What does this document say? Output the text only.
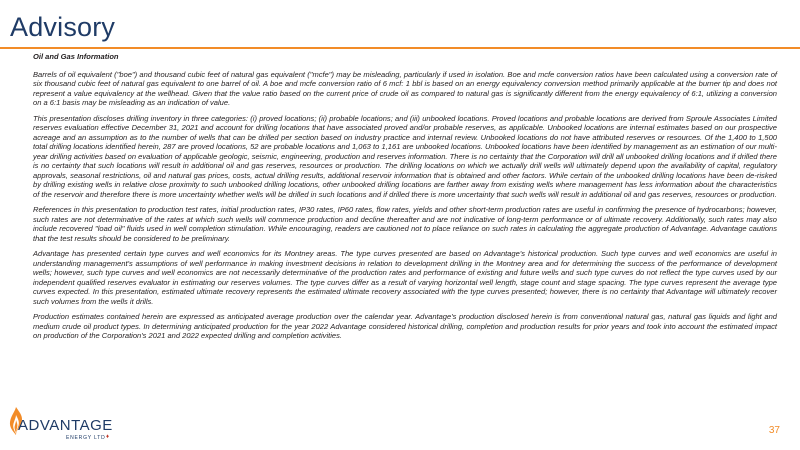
Advisory
Oil and Gas Information

Barrels of oil equivalent ("boe") and thousand cubic feet of natural gas equivalent ("mcfe") may be misleading, particularly if used in isolation. Boe and mcfe conversion ratios have been calculated using a conversion rate of six thousand cubic feet of natural gas equivalent to one barrel of oil. A boe and mcfe conversion ratio of 6 mcf: 1 bbl is based on an energy equivalency conversion method primarily applicable at the burner tip and does not represent a value equivalency at the wellhead. Given that the value ratio based on the current price of crude oil as compared to natural gas is significantly different from the energy equivalency of 6:1, utilizing a conversion on a 6:1 basis may be misleading as an indication of value.

This presentation discloses drilling inventory in three categories: (i) proved locations; (ii) probable locations; and (iii) unbooked locations. Proved locations and probable locations are derived from Sproule Associates Limited reserves evaluation effective December 31, 2021 and account for drilling locations that have associated proved and/or probable reserves, as applicable. Unbooked locations are internal estimates based on our prospective acreage and an assumption as to the number of wells that can be drilled per section based on industry practice and internal review. Unbooked locations do not have attributed reserves or resources. Of the 1,400 to 1,500 total drilling locations identified herein, 287 are proved locations, 52 are probable locations and 1,063 to 1,161 are unbooked locations. Unbooked locations have been identified by management as an estimation of our multi-year drilling activities based on evaluation of applicable geologic, seismic, engineering, production and reserves information. There is no certainty that the Corporation will drill all unbooked drilling locations and if drilled there is no certainty that such locations will result in additional oil and gas reserves, resources or production. The drilling locations on which we actually drill wells will ultimately depend upon the availability of capital, regulatory approvals, seasonal restrictions, oil and natural gas prices, costs, actual drilling results, additional reservoir information that is obtained and other factors. While certain of the unbooked drilling locations have been de-risked by drilling existing wells in relative close proximity to such unbooked drilling locations, other unbooked drilling locations are farther away from existing wells where management has less information about the characteristics of the reservoir and therefore there is more uncertainty whether wells will be drilled in such locations and if drilled there is more uncertainty that such wells will result in additional oil and gas reserves, resources or production.

References in this presentation to production test rates, initial production rates, IP30 rates, IP60 rates, flow rates, yields and other short-term production rates are useful in confirming the presence of hydrocarbons; however, such rates are not determinative of the rates at which such wells will commence production and decline thereafter and are not indicative of long-term performance or of ultimate recovery. Additionally, such rates may also include recovered "load oil" fluids used in well completion stimulation. While encouraging, readers are cautioned not to place reliance on such rates in calculating the aggregate production of Advantage. Advantage cautions that the test results should be considered to be preliminary.

Advantage has presented certain type curves and well economics for its Montney areas. The type curves presented are based on Advantage's historical production. Such type curves and well economics are useful in understanding management's assumptions of well performance in making investment decisions in relation to development drilling in the Montney area and for determining the success of the performance of development wells; however, such type curves and well economics are not necessarily determinative of the production rates and performance of existing and future wells and such type curves do not reflect the type curves used by our independent qualified reserves evaluator in estimating our reserves volumes. The type curves differ as a result of varying horizontal well length, stage count and stage spacing. The type curves represent the average type curves expected. In this presentation, estimated ultimate recovery represents the estimated ultimate recovery associated with the type curves presented; however, there is no certainty that Advantage will ultimately recover such volumes from the wells it drills.

Production estimates contained herein are expressed as anticipated average production over the calendar year. Advantage's production disclosed herein is from conventional natural gas, natural gas liquids and light and medium crude oil product types. In determining anticipated production for the year 2022 Advantage considered historical drilling, completion and production results for prior years and took into account the estimated impact on production of the Corporation's 2021 and 2022 expected drilling and completion activities.

ADVANTAGE
ENERGY LTD ♦
37
